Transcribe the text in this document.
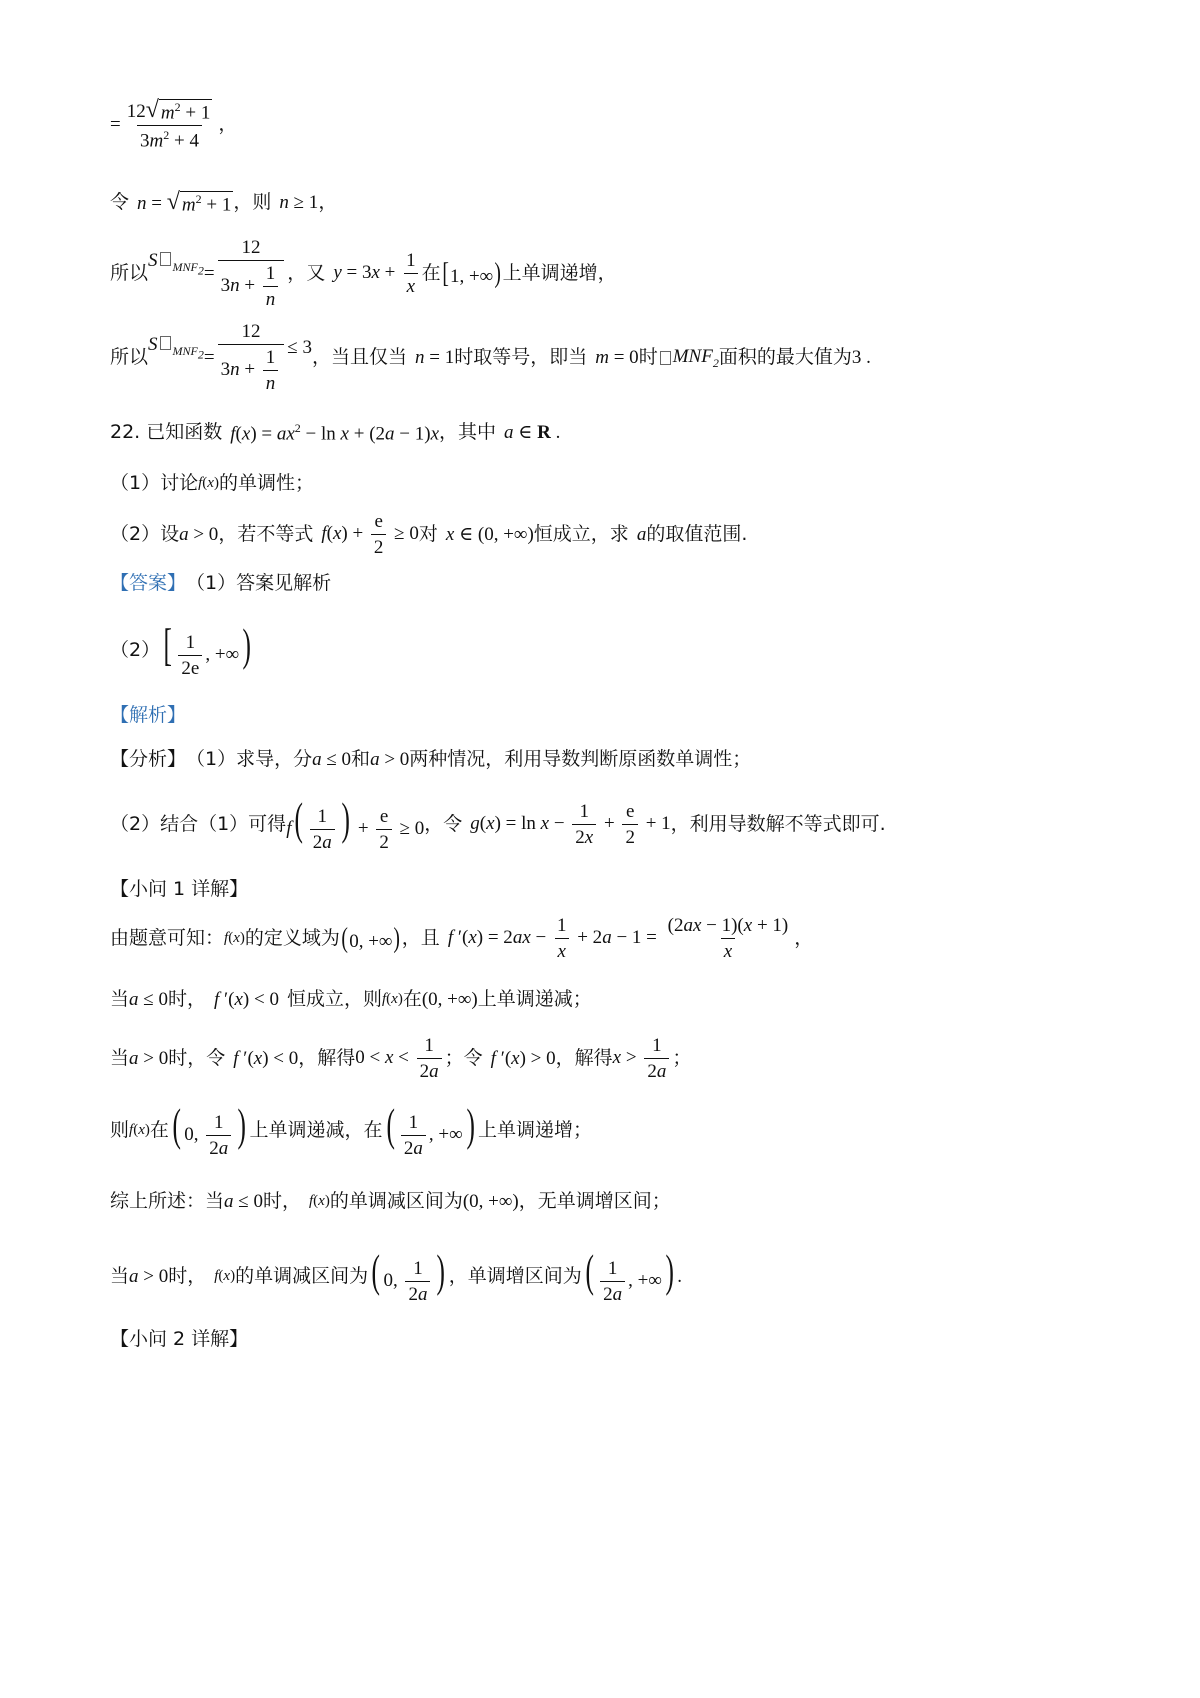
= $\frac{12 √ m^2 + 1}{3m^2 + 4}$ ，
令 n = √ $m^2 + 1$ ，则 n ≥ 1 ，
所以
S $_{MNF_2} = \frac{12}{3n + \frac{1}{n}}$ ，又 $y = 3x + \frac{1}{x}$ 在 [1, +∞) 上单调递增，
所以
S $_{MNF_2} = \frac{12}{3n + \frac{1}{n}} \le 3$ ，当且仅当 n = 1 时取等号，即当 m = 0 时 $MNF_2$ 面积的最大值为 3 .
22. 已知函数 $f(x) = ax^2 - \ln x + (2a - 1)x$ ，其中 a ∈ R .
（1）讨论 f(x) 的单调性；
（2）设 a > 0 ，若不等式 $f(x) + \frac{e}{2} \ge 0$ 对 x ∈ (0, +∞) 恒成立，求 a 的取值范围.
【答案】 （1）答案见解析
（2） [ $\frac{1}{2e}$ , +∞)
【解析】
【分析】 （1）求导，分 a ≤ 0 和 a > 0 两种情况，利用导数判断原函数单调性；
（2）结合（1）可得 $f( \frac{1}{2a}$ ) + $\frac{e}{2} \ge 0$ ，令 $g(x) = \ln x - \frac{1}{2x} + \frac{e}{2} + 1$ ，利用导数解不等式即可.
【小问 1 详解】
由题意可知： f(x) 的定义域为 (0, +∞) ，且 f $'(x) = 2ax - \frac{1}{x} + 2a - 1 = \frac{(2ax - 1)(x + 1)}{x}$ ，
当 a ≤ 0 时， f ′(x) < 0 恒成立，则 f(x) 在 (0, +∞) 上单调递减；
当 a > 0 时，令 f ′(x) < 0 ，解得 $0 < x < \frac{1}{2a}$ ；令 f ′(x) > 0 ，解得 $x > \frac{1}{2a}$ ；
则 f(x) 在 ( 0, $\frac{1}{2a}$ ) 上单调递减，在 ( $\frac{1}{2a}$ , +∞) 上单调递增；
综上所述：当 a ≤ 0 时， f(x) 的单调减区间为 (0, +∞) ，无单调增区间；
当 a > 0 时， f(x) 的单调减区间为 ( 0, $\frac{1}{2a}$ ) ，单调增区间为 ( $\frac{1}{2a}$ , +∞) .
【小问 2 详解】
